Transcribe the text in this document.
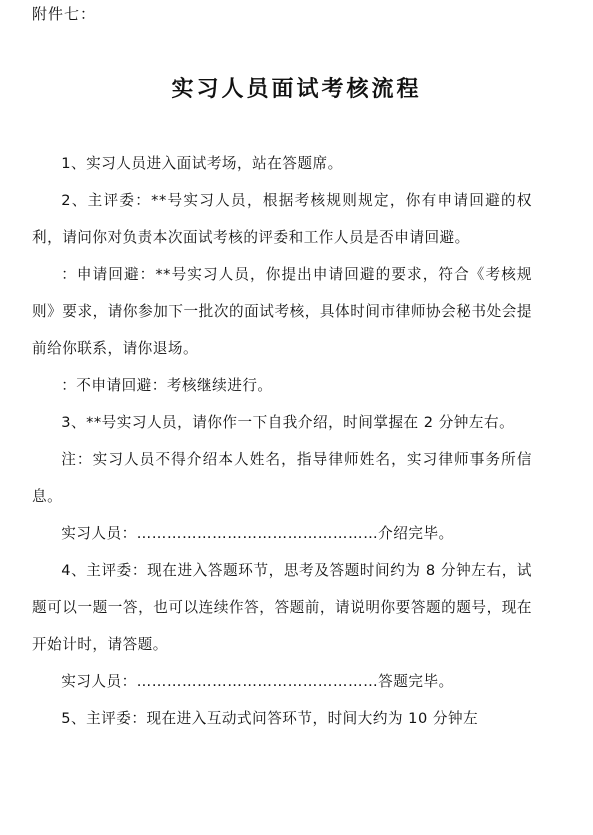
附件七：
实习人员面试考核流程

1、实习人员进入面试考场，站在答题席。

2、主评委：**号实习人员，根据考核规则规定，你有申请回避的权利，请问你对负责本次面试考核的评委和工作人员是否申请回避。

：申请回避：**号实习人员，你提出申请回避的要求，符合《考核规则》要求，请你参加下一批次的面试考核，具体时间市律师协会秘书处会提前给你联系，请你退场。

：不申请回避：考核继续进行。

3、**号实习人员，请你作一下自我介绍，时间掌握在 2 分钟左右。

注：实习人员不得介绍本人姓名，指导律师姓名，实习律师事务所信息。

实习人员：…………………………………………介绍完毕。

4、主评委：现在进入答题环节，思考及答题时间约为 8 分钟左右，试题可以一题一答，也可以连续作答，答题前，请说明你要答题的题号，现在开始计时，请答题。

实习人员：…………………………………………答题完毕。

5、主评委：现在进入互动式问答环节，时间大约为 10 分钟左
